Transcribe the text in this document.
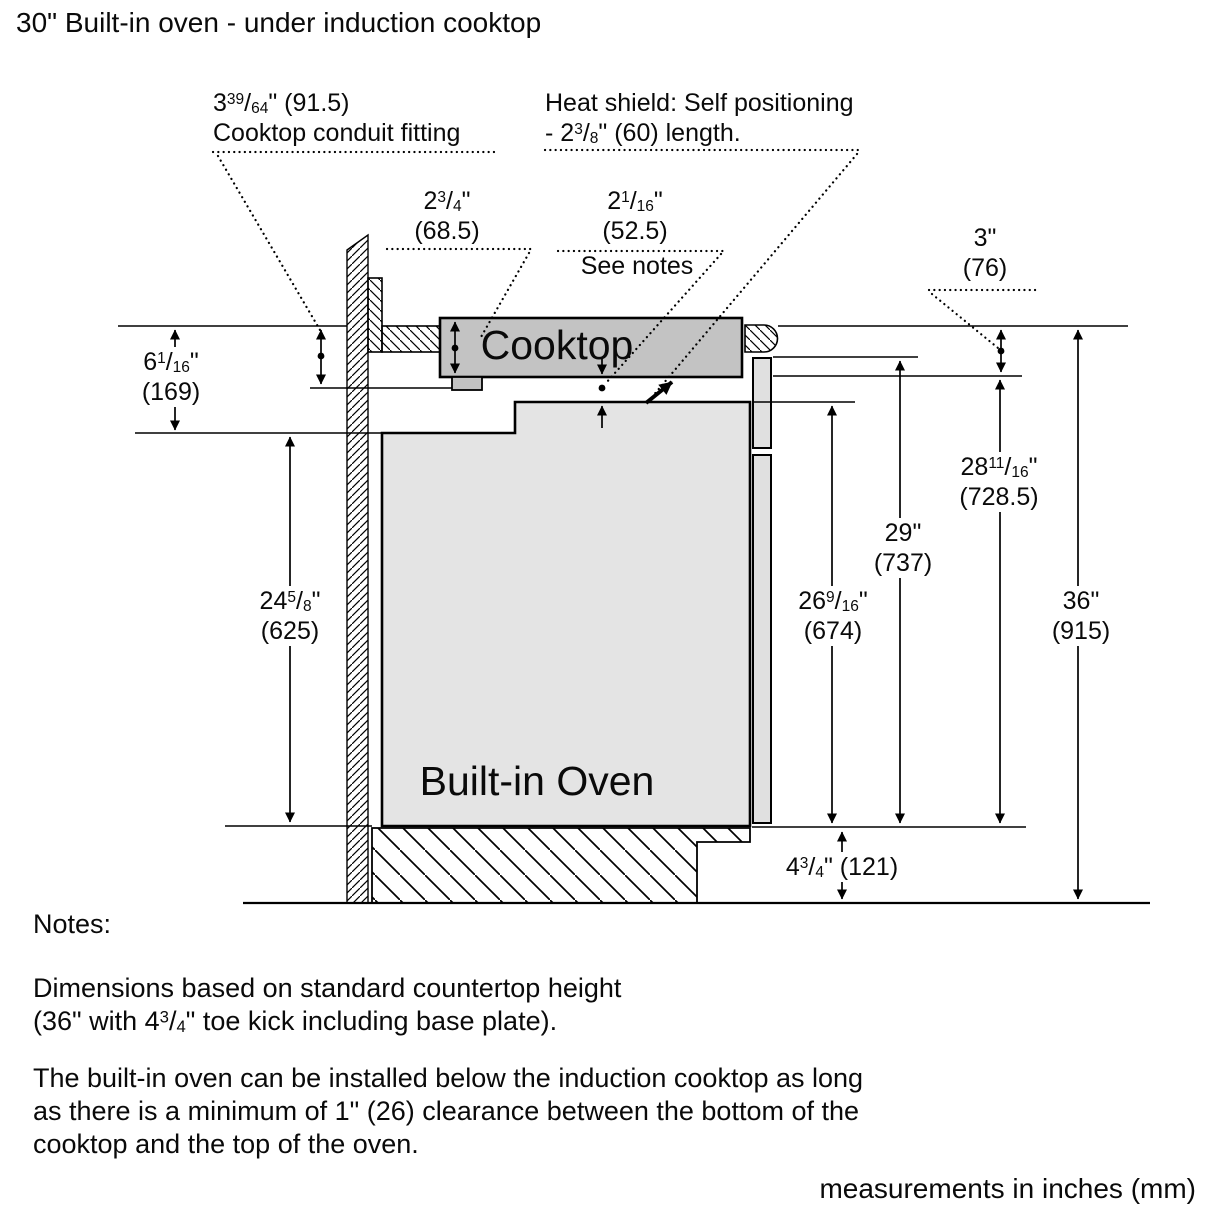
30" Built-in oven - under induction cooktop
$3^{39}/_{64}$" (91.5)
Cooktop conduit fitting
Heat shield: Self positioning
- $2^3/_8$" (60) length.
$2^3/_4$"
(68.5)
$2^1/_{16}$"
(52.5)
See notes
3"
(76)
Cooktop
$6^1/_{16}$"
(169)
$24^5/_8$"
(625)
Built-in Oven
$26^9/_{16}$"
(674)
29"
(737)
$28^{11}/_{16}$"
(728.5)
36"
(915)
$4^3/_4$" (121)
Notes:
Dimensions based on standard countertop height
(36" with $4^3/_4$" toe kick including base plate).
The built-in oven can be installed below the induction cooktop as long
as there is a minimum of 1" (26) clearance between the bottom of the
cooktop and the top of the oven.
measurements in inches (mm)
